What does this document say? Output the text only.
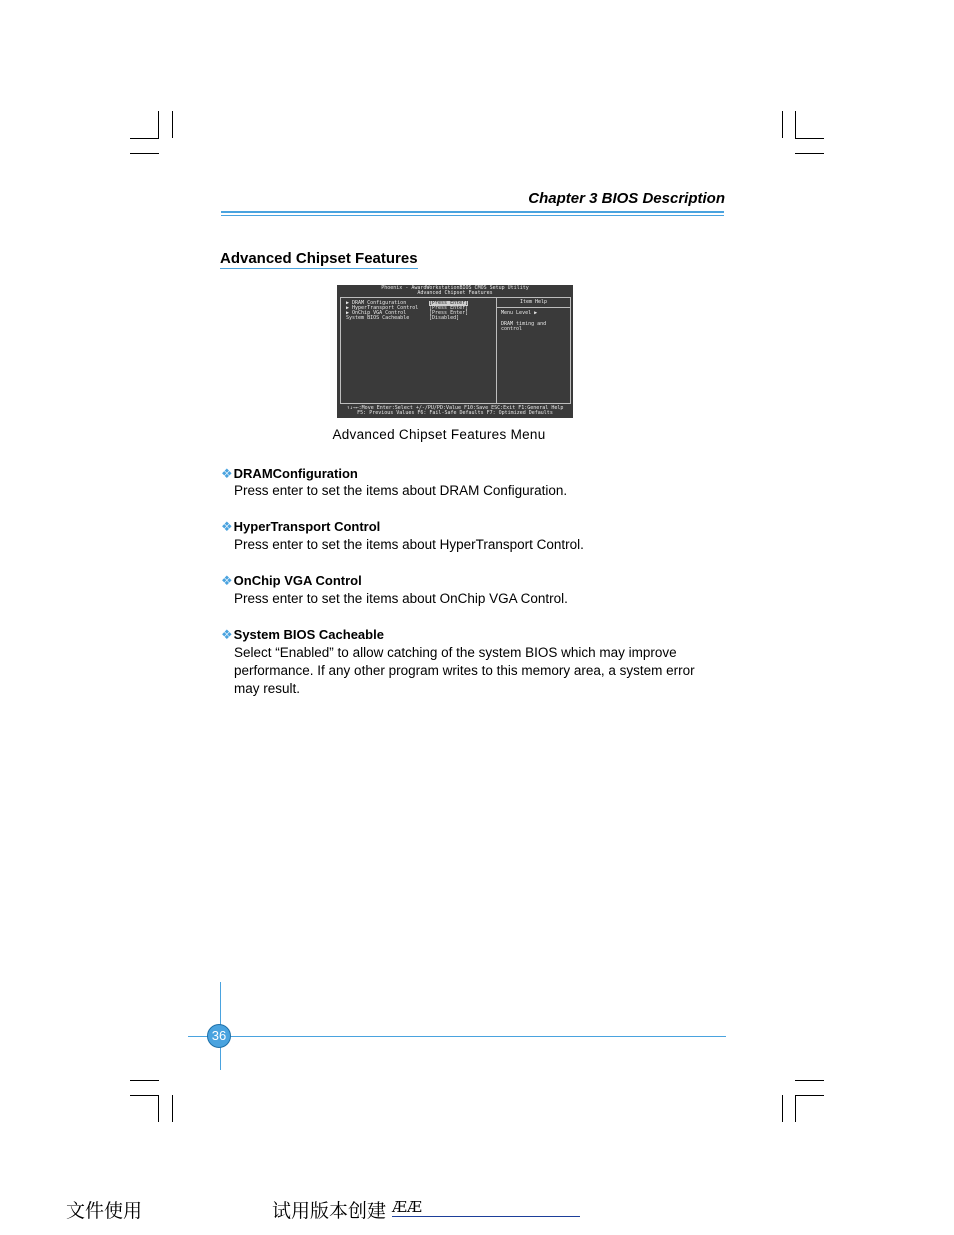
Chapter 3 BIOS Description
Advanced Chipset Features
Phoenix - AwardWorkstationBIOS CMOS Setup Utility
Advanced Chipset Features
▶ DRAM Configuration	[Press Enter]
▶ HyperTransport Control [Press Enter]
▶ OnChip VGA Control	[Press Enter]
System BIOS Cacheable	[Disabled]
Item Help
Menu Level ▶
DRAM timing and
control
↑↓→←:Move Enter:Select +/-/PU/PD:Value F10:Save ESC:Exit F1:General Help
F5: Previous Values F6: Fail-Safe Defaults F7: Optimized Defaults
Advanced Chipset Features Menu
❖DRAMConfiguration
Press enter to set the items about DRAM Configuration.
❖HyperTransport Control
Press enter to set the items about HyperTransport Control.
❖OnChip VGA Control
Press enter to set the items about OnChip VGA Control.
❖System BIOS Cacheable
Select “Enabled” to allow catching of the system BIOS which may improve
performance. If any other program writes to this memory area, a system error
may result.
36
文件使用	试用版本创建 ÆÆ
